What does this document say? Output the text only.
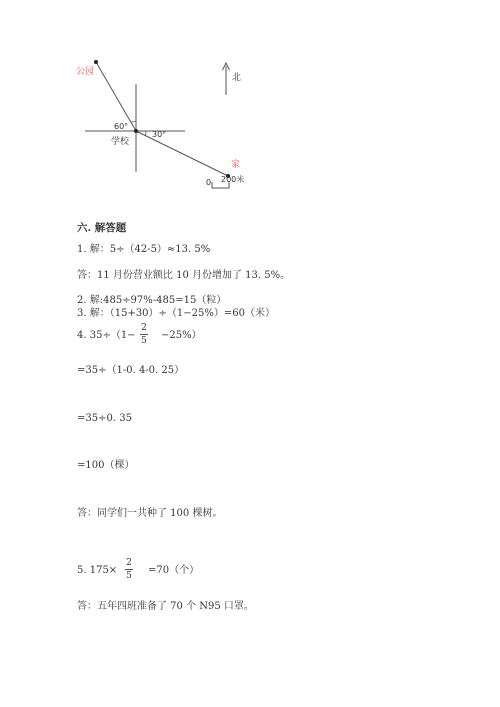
公园
60°
30°
学校
家
北
0 200米
六. 解答题
1. 解：5÷（42-5）≈13. 5%
答：11 月份营业额比 10 月份增加了 13. 5%。
2. 解:485÷97%-485=15（粒）
3. 解：（15+30）÷（1−25%）=60（米）
4. 35÷（1−
2
5 −25%）
=35÷（1-0. 4-0. 25）
=35÷0. 35
=100（棵）
答：同学们一共种了 100 棵树。
5. 175×
2
5 =70（个）
答：五年四班准备了 70 个 N95 口罩。
